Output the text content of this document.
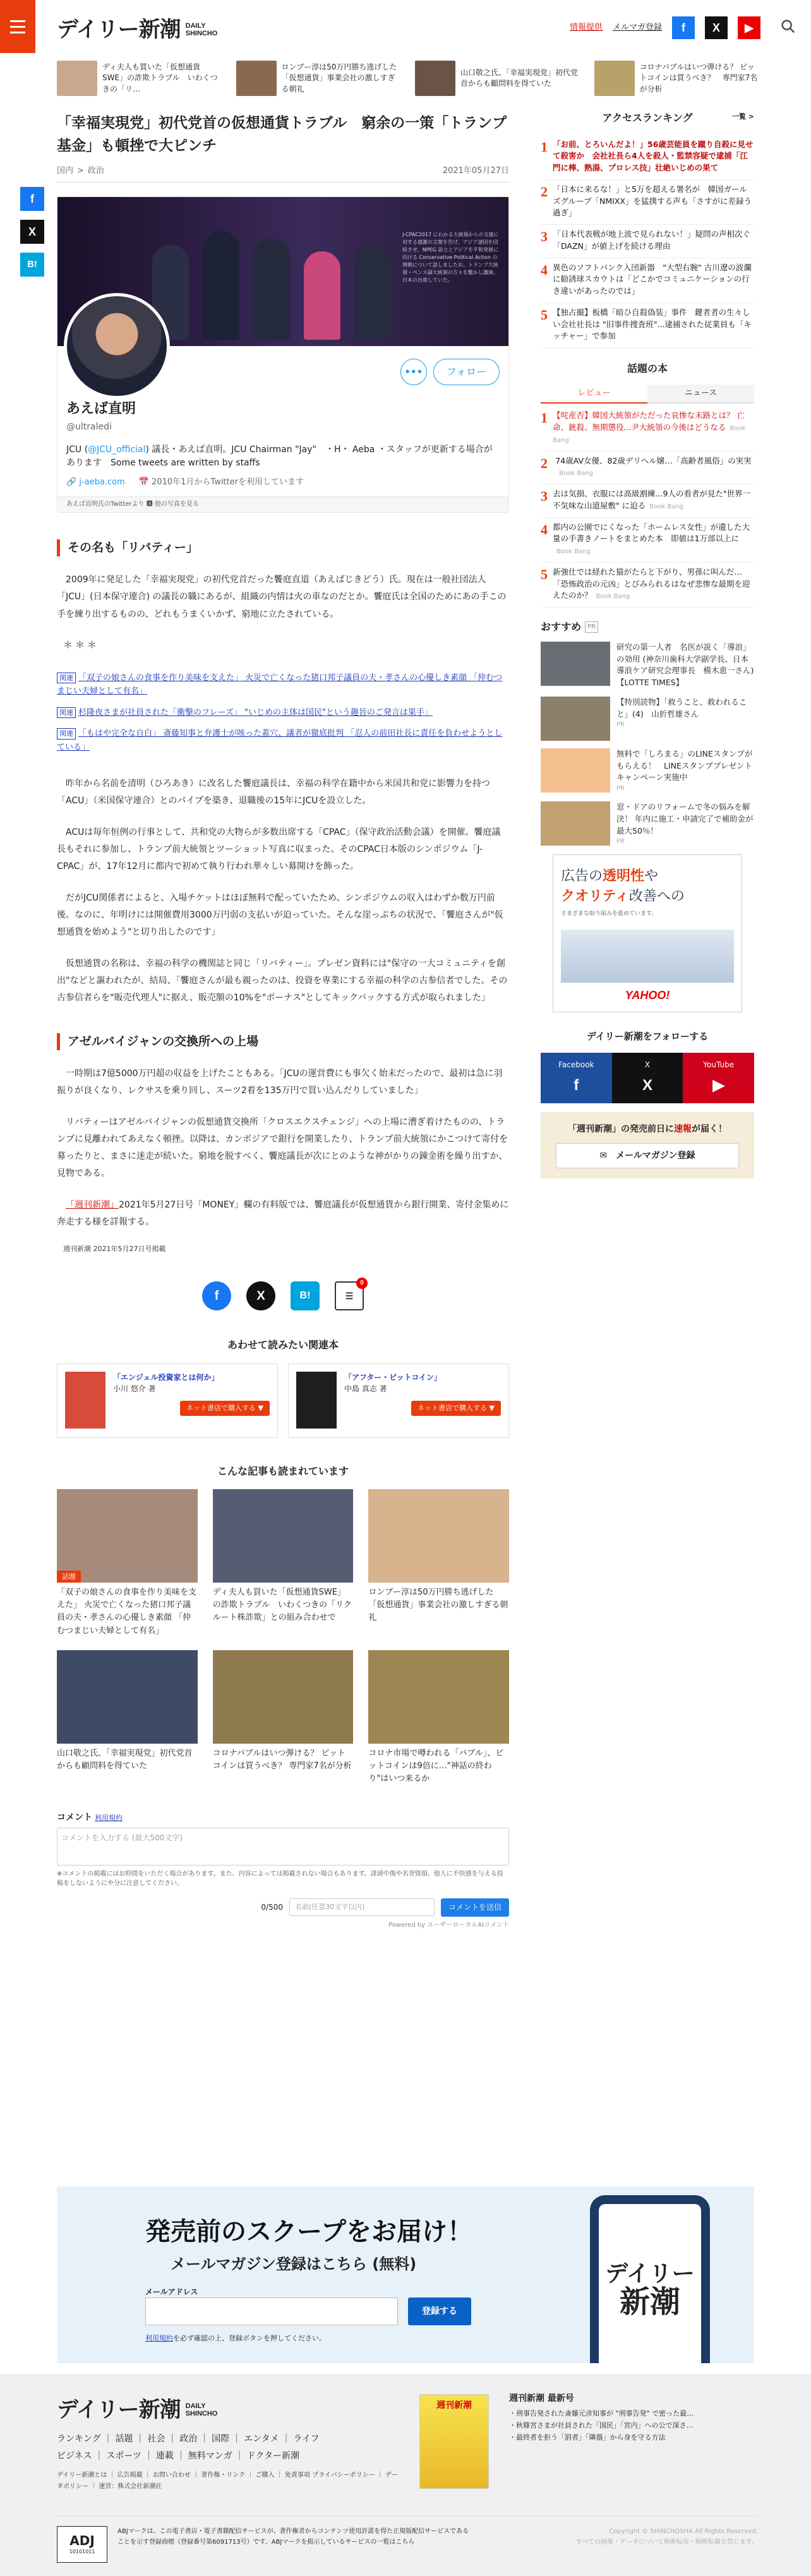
デイリー新潮 DAILY
SHINCHO
情報提供 メルマガ登録	f	X	▶
ディ夫人も買いた「仮想通貨SWE」の詐欺トラブル　いわくつきの「リ…
ロンブー淳は50万円勝ち逃げした「仮想通貨」事業会社の激しすぎる朝礼
山口敬之氏、「幸福実現党」初代党首からも顧問料を得ていた
コロナバブルはいつ弾ける？ ビットコインは買うべき？　専門家7名が分析
f
X
B!
「幸福実現党」初代党首の仮想通貨トラブル　窮余の一策「トランプ基金」も頓挫で大ピンチ
国内 > 政治	2021年05月27日
J-CPAC2017 にわかる大統領からの支援に対する感謝の言葉を告げ、アジア諸国を団結させ、NPEG 設立とアジアを平和発展に向ける Conservative Political Action の情熱について話しましたお。トランプ大統領・ペンス副大統領の方々を驚かし講演。日本の出席していた。
•••	フォロー
あえば直明
@ultraledi
JCU (@JCU_official) 議長・あえば直明。JCU Chairman "Jay"　・H・ Aeba ・スタッフが更新する場合があります　Some tweets are written by staffs
🔗 j-aeba.com 📅 2010年1月からTwitterを利用しています
あえば直明氏のTwitterより 🅰 他の写真を見る
その名も「リバティー」

2009年に発足した「幸福実現党」の初代党首だった饗庭直道（あえばじきどう）氏。現在は一般社団法人「JCU」(日本保守連合) の議長の職にあるが、組織の内情は火の車なのだとか。饗庭氏は全国のためにあの手この手を練り出するものの、どれもうまくいかず、窮地に立たされている。

＊＊＊
関連 「双子の娘さんの食事を作り美味を支えた」 火災で亡くなった猪口邦子議員の夫・孝さんの心優しき素顔 「仲むつまじい夫婦として有名」
関連 杉隆夜さまが社員された「衝撃のフレーズ」 "いじめの主体は国民"という趣旨のご発言は果手」
関連 「もはや完全な自白」 斎藤知事と弁護士が咳った蓋穴、議者が徹底批判 「忍人の前田社長に責任を負わせようとしている」

昨年から名前を清明（ひろあき）に改名した饗庭議長は、幸福の科学在籍中から米国共和党に影響力を持つ「ACU」（米国保守連合）とのパイプを築き、退職後の15年にJCUを設立した。

ACUは毎年恒例の行事として、共和党の大物らが多数出席する「CPAC」（保守政治活動会議）を開催。饗庭議長もそれに参加し、トランプ前大統領とツーショット写真に収まった。そのCPAC日本版のシンポジウム「J-CPAC」が、17年12月に都内で初めて執り行われ華々しい幕開けを飾った。

だがJCU関係者によると、入場チケットはほぼ無料で配っていたため、シンポジウムの収入はわずか数万円前後。なのに、年明けには開催費用3000万円弱の支払いが迫っていた。そんな崖っぷちの状況で、「饗庭さんが"仮想通貨を始めよう"と切り出したのです」

仮想通貨の名称は、幸福の科学の機関誌と同じ「リバティー」。プレゼン資料には"保守の一大コミュニティを創出"などと謳われたが、結局、「饗庭さんが最も親ったのは、投資を専業にする幸福の科学の古参信者でした。その古参信者らを"販売代理人"に据え、販売額の10%を"ボーナス"としてキックバックする方式が取られました」

アゼルバイジャンの交換所への上場

一時期は7億5000万円超の収益を上げたこともある。「JCUの運営費にも事欠く始末だったので、最初は急に羽振りが良くなり、レクサスを乗り回し、スーツ2着を135万円で買い込んだりしていました」

リバティーはアゼルバイジャンの仮想通貨交換所「クロスエクスチェンジ」への上場に漕ぎ着けたものの、トランプに見離われてあえなく頓挫。以降は、カンボジアで銀行を開業したり、トランプ前大統領にかこつけて寄付を募ったりと、まさに迷走が続いた。窮地を脱すべく、饗庭議長が次にとのような神がかりの錬金術を繰り出すか、見物である。

「週刊新潮」2021年5月27日号「MONEY」欄の有料版では、饗庭議長が仮想通貨から銀行開業、寄付金集めに奔走する様を詳報する。

週刊新潮 2021年5月27日号掲載
f	X	B!	☰
0
あわせて読みたい関連本
「エンジェル投資家とは何か」
小川 悠介 著
ネット書店で購入する ▼
「アフター・ビットコイン」
中島 真志 著
ネット書店で購入する ▼
こんな記事も読まれています
話題
「双子の娘さんの食事を作り美味を支えた」 火災で亡くなった猪口邦子議員の夫・孝さんの心優しき素顔 「仲むつまじい夫婦として有名」
ディ夫人も買いた「仮想通貨SWE」の詐欺トラブル　いわくつきの「リクルート株詐欺」との組み合わせで
ロンブー淳は50万円勝ち逃げした「仮想通貨」事業会社の激しすぎる朝礼
山口敬之氏、「幸福実現党」初代党首からも顧問料を得ていた
コロナバブルはいつ弾ける？ ビットコインは買うべき？ 専門家7名が分析
コロナ市場で噂われる「バブル」、ビットコインは9倍に…"神話の終わり"はいつ来るか
コメント 利用規約
コメントを入力する (最大500文字)
※コメントの掲載にはお時間をいただく場合があります。また、内容によっては掲載されない場合もあります。誹謗中傷や名誉毀損、他人に不快感を与える投稿をしないようにや分に注意してください。
0/500	名前(任意30文字以内)	コメントを送信
Powered by ユーザーローカルAIコメント
アクセスランキング	一覧 >
1 「お前、とろいんだよ！」56歳芸能員を蹴り自殺に見せて殺害か　会社社長ら4人を殺人・監禁容疑で逮捕「江門に棒、熱湯、プロレス技」壮絶いじめの果て
2 「日本に来るな！」と5万を超える署名が　韓国ガールズグループ「NMIXX」を猛撲する声も「さすがに差録う過ぎ」
3 「日本代表戦が地上波で見られない！」疑問の声相次ぐ「DAZN」が値上げを続ける理由
4 異色のソフトバンク入団新器　"大型右腕" 古川遼の波瀾に勧誘球スカウトは「どこかでコミュニケーションの行き違いがあったのでは」
5 【独占撮】板橋「暗ひ自殺偽装」事件　鍵者者の生々しい会社社長は "旧事件捜査班"...逮捕された従業員も「キッチャー」で参加
話題の本
レビュー	ニュース
1 【咤産否】韓国大統領がただった哀惨な末路とは？ 亡命、銃殺、無期懲役...尹大統領の今後はどうなる Book Bang
2 74歳AV女優、82歳デリヘル嬢…「高齢者風俗」の実実Book Bang
3 去は気損、衣服には高級割練...9人の看者が見た"世界一不気味な山道屋敷" に迫る Book Bang
4 都内の公園でにくなった「ホームレス女性」が遺した大量の手書きノートをまとめた本　即値は1万部以上にBook Bang
5 新強仕では経れた猫がたらと下がり、男孫に叫んだ…「恐怖政治の元凶」とびみられるはなぜ悲惨な最期を迎えたのか？ Book Bang
おすすめ	PR
研究の第一人者　名医が説く「導浪」の効用 (神奈川歯科大学副学長、日本導浪ケア研究会理事長　模木恵一さん)【LOTTE TIMES】
【特別読物】「救うこと、救われること」(4)　山折哲雄さん
PR
無料で「しろまる」のLINEスタンプがもらえる！　LINEスタンププレゼントキャンペーン実施中
PR
窓・ドアのリフォームで冬の悩みを解決！ 年内に施工・申請完了で補助金が最大50％！
PR
広告の透明性や
クオリティ改善への
さまざまな取り組みを進めています。
YAHOO!
デイリー新潮をフォローする
Facebook
f
X
X
YouTube
▶
「週刊新潮」の発売前日に速報が届く！
✉　メールマガジン登録
発売前のスクープをお届け！
メールマガジン登録はこちら (無料)
メールアドレス
登録する
利用規約を必ず確認の上、登録ボタンを押してください。
デイリー
新潮
デイリー新潮 DAILY
SHINCHO
ランキング ｜ 話題 ｜ 社会 ｜ 政治 ｜ 国際 ｜ エンタメ ｜ ライフ
ビジネス ｜ スポーツ ｜ 連載 ｜ 無料マンガ ｜ ドクター新潮
デイリー新潮とは ｜ 広告掲載 ｜ お問い合わせ ｜ 著作権・リンク ｜ ご購入 ｜ 免責事項 プライバシーポリシー ｜ データポリシー ｜ 運営：株式会社新潮社
週刊新潮
週刊新潮 最新号
・ 刑事告発された斎藤元彦知事が "刑事告発" で密った最…
・ 秋篠宮さまが社員された「国民」「宮内」への公で深さ…
・ 最終者を拒う「罰者」「隣器」から身を守る方法
ADJ
10101011
ABJマークは、この電子書店・電子書籍配信サービスが、著作権者からコンテンツ使用許諾を得た正規版配信サービスであることを示す登録商標（登録番号第6091713号）です。ABJマークを掲示しているサービスの一覧はこちら
Copyright © SHINCHOSHA All Rights Reserved.
すべての画像・データについて無断転用・無断転載を禁じます。
